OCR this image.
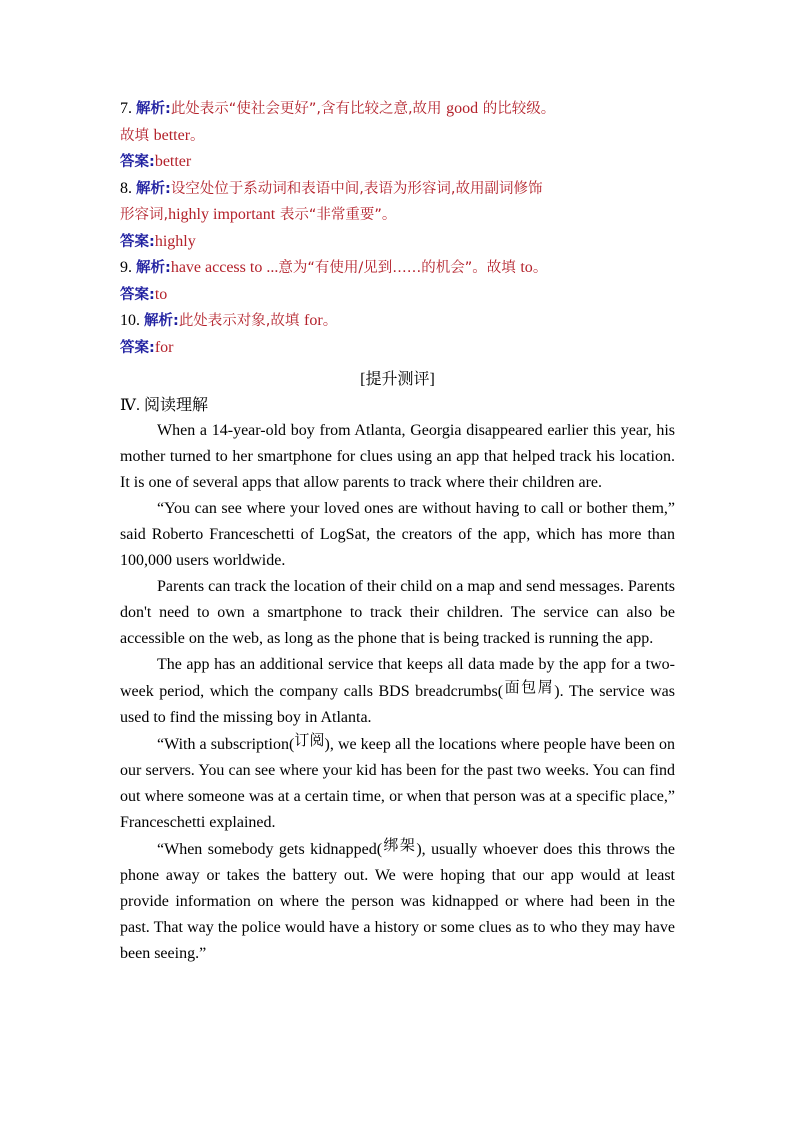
7. 解析:此处表示“使社会更好”,含有比较之意,故用 good 的比较级。
故填 better。
答案:better
8. 解析:设空处位于系动词和表语中间,表语为形容词,故用副词修饰
形容词,highly important 表示“非常重要”。
答案:highly
9. 解析:have access to ...意为“有使用/见到……的机会”。故填 to。
答案:to
10. 解析:此处表示对象,故填 for。
答案:for
[提升测评]
Ⅳ. 阅读理解

When a 14-year-old boy from Atlanta, Georgia disappeared earlier this year, his mother turned to her smartphone for clues using an app that helped track his location. It is one of several apps that allow parents to track where their children are.

“You can see where your loved ones are without having to call or bother them,” said Roberto Franceschetti of LogSat, the creators of the app, which has more than 100,000 users worldwide.

Parents can track the location of their child on a map and send messages. Parents don't need to own a smartphone to track their children. The service can also be accessible on the web, as long as the phone that is being tracked is running the app.

The app has an additional service that keeps all data made by the app for a two-week period, which the company calls BDS breadcrumbs(面包屑). The service was used to find the missing boy in Atlanta.

“With a subscription(订阅), we keep all the locations where people have been on our servers. You can see where your kid has been for the past two weeks. You can find out where someone was at a certain time, or when that person was at a specific place,” Franceschetti explained.

“When somebody gets kidnapped(绑架), usually whoever does this throws the phone away or takes the battery out. We were hoping that our app would at least provide information on where the person was kidnapped or where had been in the past. That way the police would have a history or some clues as to who they may have been seeing.”
